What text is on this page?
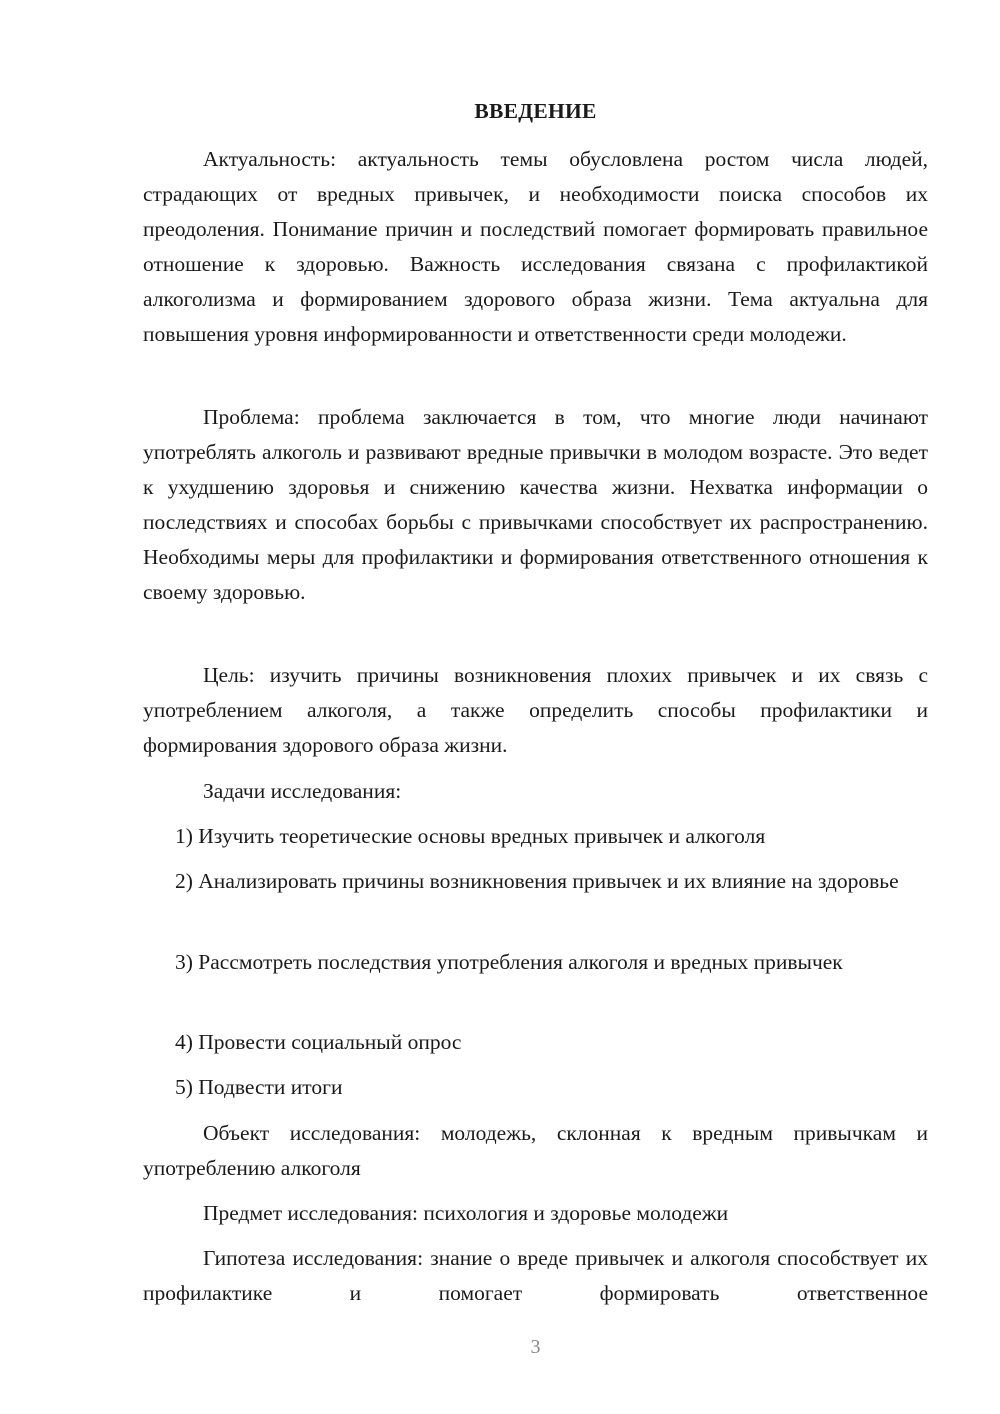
ВВЕДЕНИЕ

Актуальность: актуальность темы обусловлена ростом числа людей, страдающих от вредных привычек, и необходимости поиска способов их преодоления. Понимание причин и последствий помогает формировать правильное отношение к здоровью. Важность исследования связана с профилактикой алкоголизма и формированием здорового образа жизни. Тема актуальна для повышения уровня информированности и ответственности среди молодежи.

Проблема: проблема заключается в том, что многие люди начинают употреблять алкоголь и развивают вредные привычки в молодом возрасте. Это ведет к ухудшению здоровья и снижению качества жизни. Нехватка информации о последствиях и способах борьбы с привычками способствует их распространению. Необходимы меры для профилактики и формирования ответственного отношения к своему здоровью.

Цель: изучить причины возникновения плохих привычек и их связь с употреблением алкоголя, а также определить способы профилактики и формирования здорового образа жизни.

Задачи исследования:

1) Изучить теоретические основы вредных привычек и алкоголя

2) Анализировать причины возникновения привычек и их влияние на здоровье

3) Рассмотреть последствия употребления алкоголя и вредных привычек

4) Провести социальный опрос

5) Подвести итоги

Объект исследования: молодежь, склонная к вредным привычкам и употреблению алкоголя

Предмет исследования: психология и здоровье молодежи

Гипотеза исследования: знание о вреде привычек и алкоголя способствует их профилактике и помогает формировать ответственное

3
